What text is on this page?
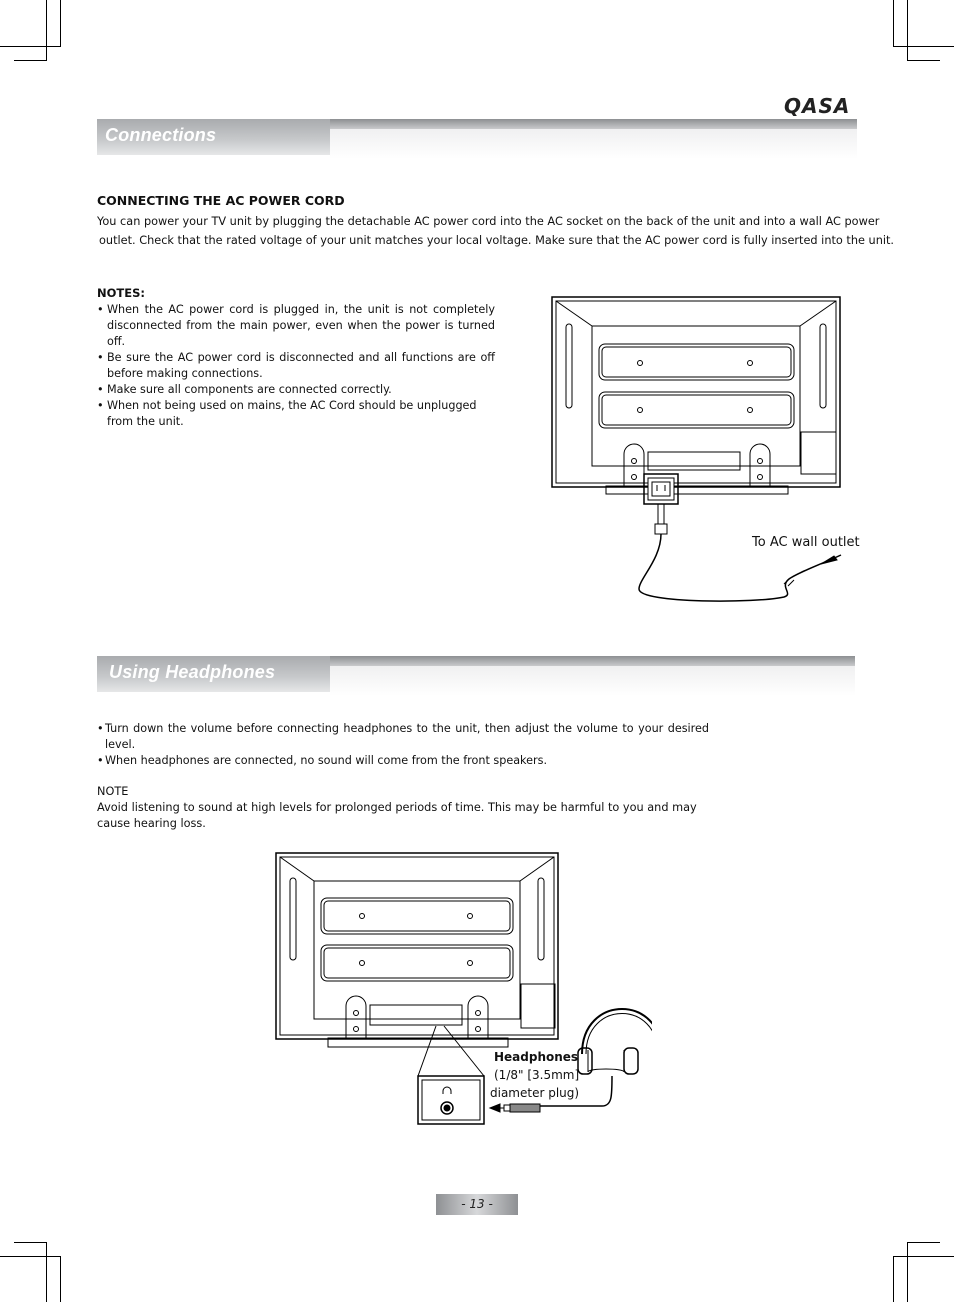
QASA
Connections
CONNECTING THE AC POWER CORD
You can power your TV unit by plugging the detachable AC power cord into the AC socket on the back of the unit and into a wall AC power
outlet. Check that the rated voltage of your unit matches your local voltage. Make sure that the AC power cord is fully inserted into the unit.
NOTES:
• When the AC power cord is plugged in, the unit is not completely disconnected from the main power, even when the power is turned off.
• Be sure the AC power cord is disconnected and all functions are off before making connections.
• Make sure all components are connected correctly.
• When not being used on mains, the AC Cord should be unplugged from the unit.
To AC wall outlet
Using Headphones
• Turn down the volume before connecting headphones to the unit, then adjust the volume to your desired level.
• When headphones are connected, no sound will come from the front speakers.
NOTE
Avoid listening to sound at high levels for prolonged periods of time. This may be harmful to you and may cause hearing loss.
Headphones
(1/8" [3.5mm]
diameter plug)
- 13 -
